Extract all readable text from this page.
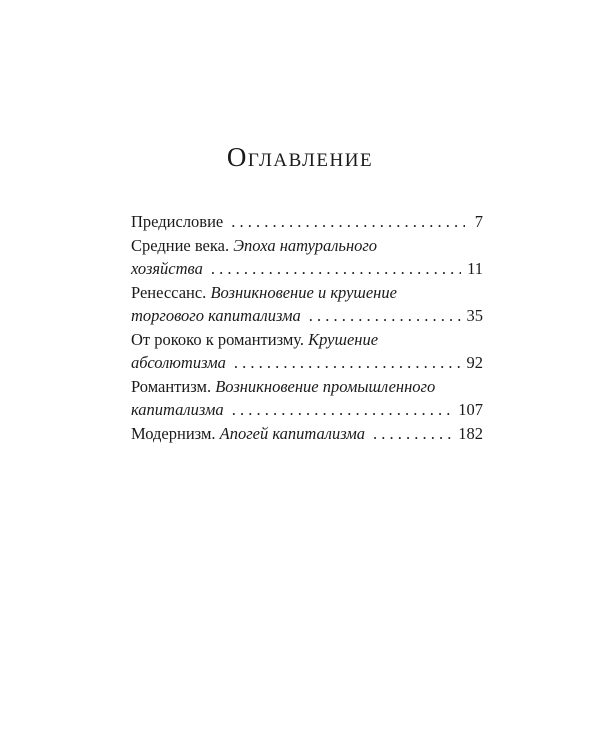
Оглавление
Предисловие . . .	7
Средние века.
Эпоха натурального
хозяйства . . .	11
Ренессанс.
Возникновение и крушение
торгового капитализма . . .	35
От рококо к романтизму.
Крушение
абсолютизма . . .	92
Романтизм.
Возникновение промышленного
капитализма . . .	107
Модернизм.
Апогей капитализма . . .	182
